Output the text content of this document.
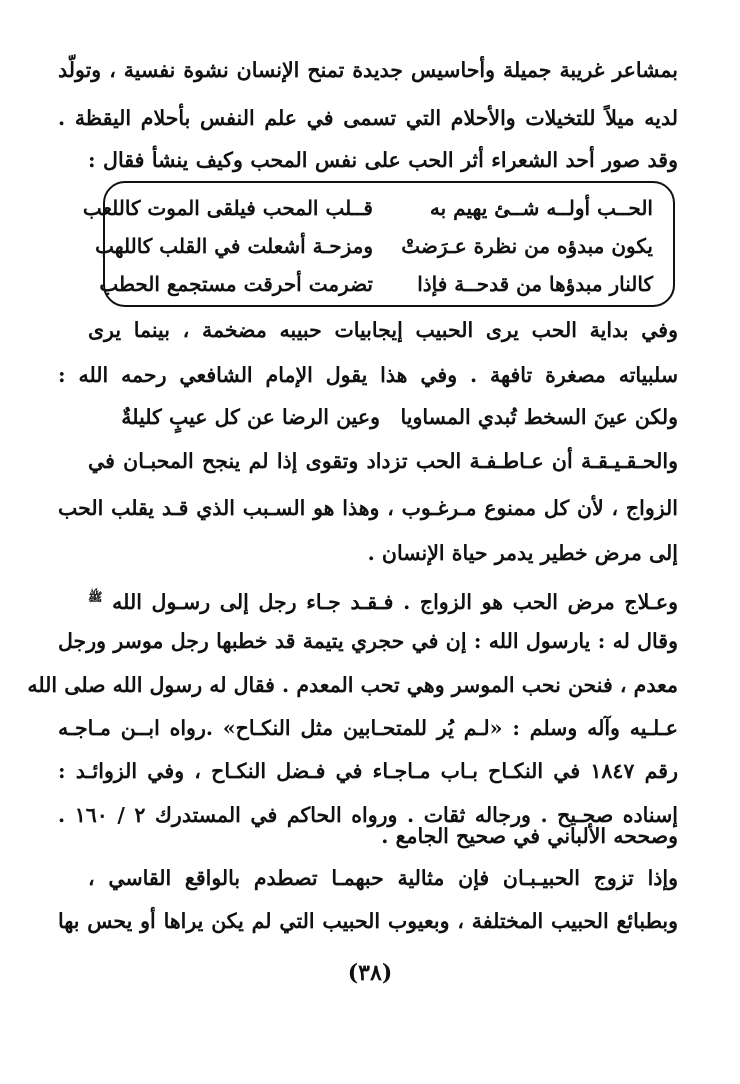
بمشاعر غريبة جميلة وأحاسيس جديدة تمنح الإنسان نشوة نفسية ، وتولّد
لديه ميلاً للتخيلات والأحلام التي تسمى في علم النفس بأحلام اليقظة .
وقد صور أحد الشعراء أثر الحب على نفس المحب وكيف ينشأ فقال :
الحــب أولــه شــئ يهيم به
قــلب المحب فيلقى الموت كاللعب
يكون مبدؤه من نظرة عـرَضتْ
ومزحـة أشعلت في القلب كاللهب
كالنار مبدؤها من قدحــة فإذا
تضرمت أحرقت مستجمع الحطب
وفي بداية الحب يرى الحبيب إيجابيات حبيبه مضخمة ، بينما يرى
سلبياته مصغرة تافهة . وفي هذا يقول الإمام الشافعي رحمه الله :
وعين الرضا عن كل عيبٍ كليلةٌ ولكن عينَ السخط تُبدي المساويا
والحـقـيـقـة أن عـاطـفـة الحب تزداد وتقوى إذا لم ينجح المحبـان في
الزواج ، لأن كل ممنوع مـرغـوب ، وهذا هو السـبب الذي قـد يقلب الحب
إلى مرض خطير يدمر حياة الإنسان .
وعـلاج مرض الحب هو الزواج . فـقـد جـاء رجل إلى رسـول الله $^ﷺ$
وقال له : يارسول الله : إن في حجري يتيمة قد خطبها رجل موسر ورجل
معدم ، فنحن نحب الموسر وهي تحب المعدم . فقال له رسول الله صلى الله
عـلـيه وآله وسلم : «لـم يُر للمتحـابين مثل النكـاح» .رواه ابــن مـاجـه
رقم ١٨٤٧ في النكـاح بـاب مـاجـاء في فـضل النكـاح ، وفي الزوائـد :
إسناده صحـيح . ورجاله ثقات . ورواه الحاكم في المستدرك ٢ / ١٦٠ .
وصححه الألباني في صحيح الجامع .
وإذا تزوج الحبيـبـان فإن مثالية حبهمـا تصطدم بالواقع القاسي ،
وبطبائع الحبيب المختلفة ، وبعيوب الحبيب التي لم يكن يراها أو يحس بها
(٣٨)
